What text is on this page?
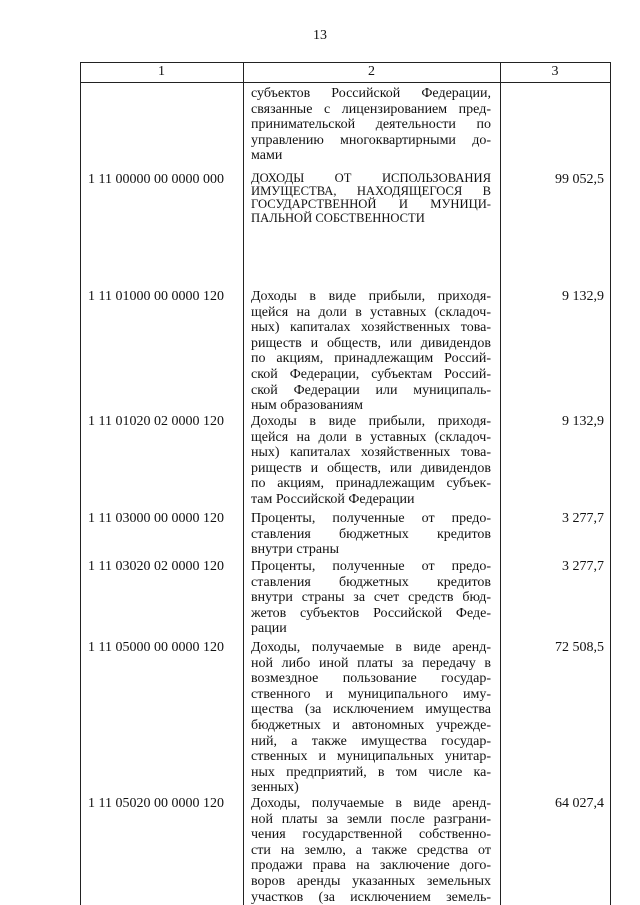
13
1	2	3
субъектов Российской Федерации,
связанные с лицензированием пред-
принимательской деятельности по
управлению многоквартирными до-
мами
1 11 00000 00 0000 000	ДОХОДЫ ОТ ИСПОЛЬЗОВАНИЯ
ИМУЩЕСТВА, НАХОДЯЩЕГОСЯ В
ГОСУДАРСТВЕННОЙ И МУНИЦИ-
ПАЛЬНОЙ СОБСТВЕННОСТИ
99 052,5
1 11 01000 00 0000 120	Доходы в виде прибыли, приходя-
щейся на доли в уставных (складоч-
ных) капиталах хозяйственных това-
риществ и обществ, или дивидендов
по акциям, принадлежащим Россий-
ской Федерации, субъектам Россий-
ской Федерации или муниципаль-
ным образованиям
9 132,9
1 11 01020 02 0000 120	Доходы в виде прибыли, приходя-
щейся на доли в уставных (складоч-
ных) капиталах хозяйственных това-
риществ и обществ, или дивидендов
по акциям, принадлежащим субъек-
там Российской Федерации
9 132,9
1 11 03000 00 0000 120	Проценты, полученные от предо-
ставления бюджетных кредитов
внутри страны
3 277,7
1 11 03020 02 0000 120	Проценты, полученные от предо-
ставления бюджетных кредитов
внутри страны за счет средств бюд-
жетов субъектов Российской Феде-
рации
3 277,7
1 11 05000 00 0000 120	Доходы, получаемые в виде аренд-
ной либо иной платы за передачу в
возмездное пользование государ-
ственного и муниципального иму-
щества (за исключением имущества
бюджетных и автономных учрежде-
ний, а также имущества государ-
ственных и муниципальных унитар-
ных предприятий, в том числе ка-
зенных)
72 508,5
1 11 05020 00 0000 120	Доходы, получаемые в виде аренд-
ной платы за земли после разграни-
чения государственной собственно-
сти на землю, а также средства от
продажи права на заключение дого-
воров аренды указанных земельных
участков (за исключением земель-
64 027,4
